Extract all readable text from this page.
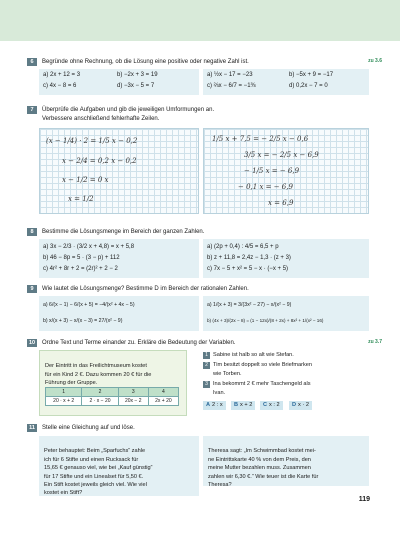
6	Begründe ohne Rechnung, ob die Lösung eine positive oder negative Zahl ist.	zu 3.6
a) 2x + 12 = 3	b) −2x + 3 = 19
c) 4x − 8 = 6	d) −3x − 5 = 7
a) ½x − 17 = −23	b) −5x + 9 = −17
c) ⅔x − 6/7 = −1⅜	d) 0,2x − 7 = 0
7	Überprüfe die Aufgaben und gib die jeweiligen Umformungen an.
Verbessere anschließend fehlerhafte Zeilen.
(x − 1/4) · 2 = 1/5 x − 0,2
x − 2/4 = 0,2 x − 0,2
x − 1/2 = 0 x
x = 1/2
1/5 x + 7,5 = − 2/5 x − 0,6
3/5 x = − 2/5 x − 6,9
− 1/5 x = − 6,9
− 0,1 x = − 6,9
x = 6,9
8	Bestimme die Lösungsmenge im Bereich der ganzen Zahlen.
a) 3x − 2/3 · (3/2 x + 4,8) = x + 5,8
b) 46 − 8p = 5 · (3 − p) + 112
c) 4r² + 8r + 2 = (2r)² + 2 − 2
a) (2p + 0,4) : 4/5 = 6,5 + p
b) z + 11,8 = 2,4z − 1,3 · (z + 3)
c) 7x − 5 + x² = 5 − x · (−x + 5)
9	Wie lautet die Lösungsmenge? Bestimme D im Bereich der rationalen Zahlen.
a) 6/(x − 1) − 6/(x + 5) = −4/(x² + 4x − 5)
b) x/(x + 3) − x/(x − 3) = 27/(x² − 9)
a) 1/(x + 3) = 3/(3x² − 27) − x/(x² − 9)
b) (4x + 3)/(2x − 8) = (1 − 12x)/(8 + 2x) + 8x² + 1/(x² − 16)
10	Ordne Text und Terme einander zu. Erkläre die Bedeutung der Variablen.	zu 3.7

Der Eintritt in das Freilichtmuseum kostet
für ein Kind 2 €. Dazu kommen 20 € für die
Führung der Gruppe.

1	2	3	4
20 · x + 2	2 · x − 20	20x − 2	2x + 20
1 Sabine ist halb so alt wie Stefan.
2 Tim besitzt doppelt so viele Briefmarken
wie Torben.
3 Ina bekommt 2 € mehr Taschengeld als
Ivan.
A 2 : x	B x + 2	C x : 2	D x · 2
11	Stelle eine Gleichung auf und löse.

Peter behauptet: Beim „Sparfuchs“ zahle
ich für 6 Stifte und einen Rucksack für
15,65 € genauso viel, wie bei „Kauf günstig“
für 17 Stifte und ein Linealset für 5,50 €.
Ein Stift kostet jeweils gleich viel. Wie viel
kostet ein Stift?

Theresa sagt: „Im Schwimmbad kostet mei-
ne Eintrittskarte 40 % von dem Preis, den
meine Mutter bezahlen muss. Zusammen
zahlen wir 6,30 €.“ Wie teuer ist die Karte für
Theresa?

119
